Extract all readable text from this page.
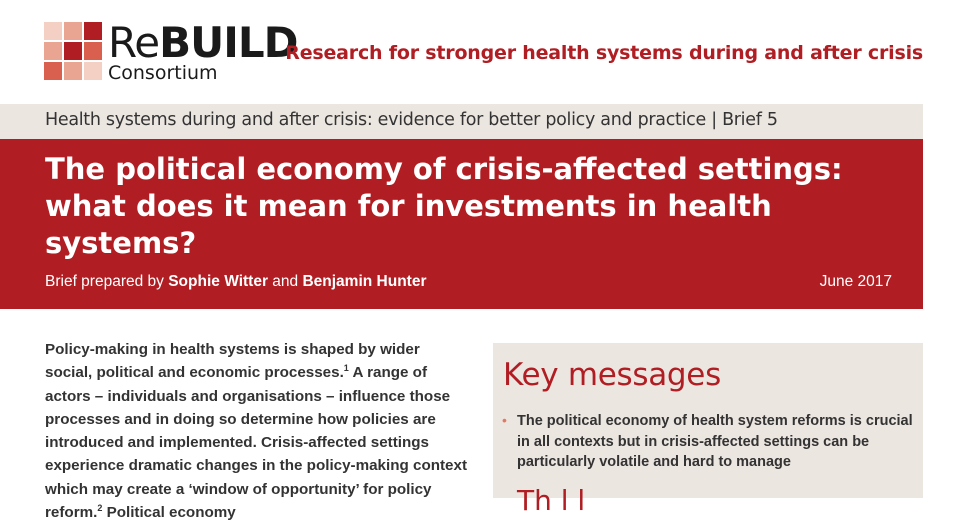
ReBUILD
Consortium
Research for stronger health systems during and after crisis
Health systems during and after crisis: evidence for better policy and practice | Brief 5
The political economy of crisis-affected settings: what does it mean for investments in health systems?
Brief prepared by Sophie Witter and Benjamin Hunter	June 2017

Policy-making in health systems is shaped by wider social, political and economic processes.$^1$ A range of actors – individuals and organisations – influence those processes and in doing so determine how policies are introduced and implemented. Crisis-affected settings experience dramatic changes in the policy-making context which may create a ‘window of opportunity’ for policy reform.$^2$ Political economy

Key messages
• The political economy of health system reforms is crucial in all contexts but in crisis-affected settings can be particularly volatile and hard to manage
Th l l
